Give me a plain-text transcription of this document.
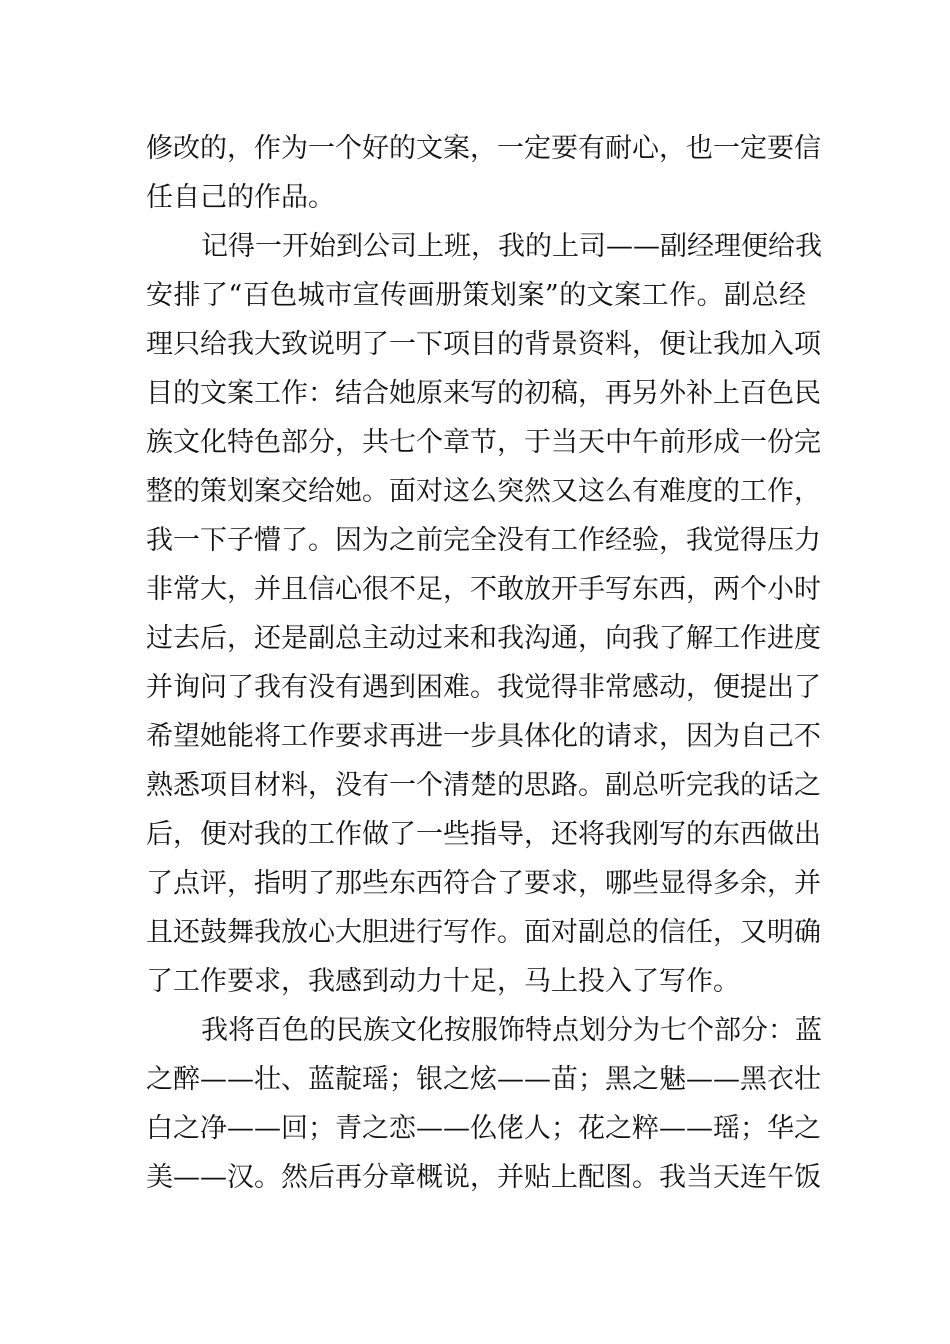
修改的，作为一个好的文案，一定要有耐心，也一定要信
任自己的作品。
记得一开始到公司上班，我的上司——副经理便给我
安排了“百色城市宣传画册策划案”的文案工作。副总经
理只给我大致说明了一下项目的背景资料，便让我加入项
目的文案工作：结合她原来写的初稿，再另外补上百色民
族文化特色部分，共七个章节，于当天中午前形成一份完
整的策划案交给她。面对这么突然又这么有难度的工作，
我一下子懵了。因为之前完全没有工作经验，我觉得压力
非常大，并且信心很不足，不敢放开手写东西，两个小时
过去后，还是副总主动过来和我沟通，向我了解工作进度
并询问了我有没有遇到困难。我觉得非常感动，便提出了
希望她能将工作要求再进一步具体化的请求，因为自己不
熟悉项目材料，没有一个清楚的思路。副总听完我的话之
后，便对我的工作做了一些指导，还将我刚写的东西做出
了点评，指明了那些东西符合了要求，哪些显得多余，并
且还鼓舞我放心大胆进行写作。面对副总的信任，又明确
了工作要求，我感到动力十足，马上投入了写作。
我将百色的民族文化按服饰特点划分为七个部分：蓝
之醉——壮、蓝靛瑶；银之炫——苗；黑之魅——黑衣壮
白之净——回；青之恋——仫佬人；花之粹——瑶；华之
美——汉。然后再分章概说，并贴上配图。我当天连午饭
